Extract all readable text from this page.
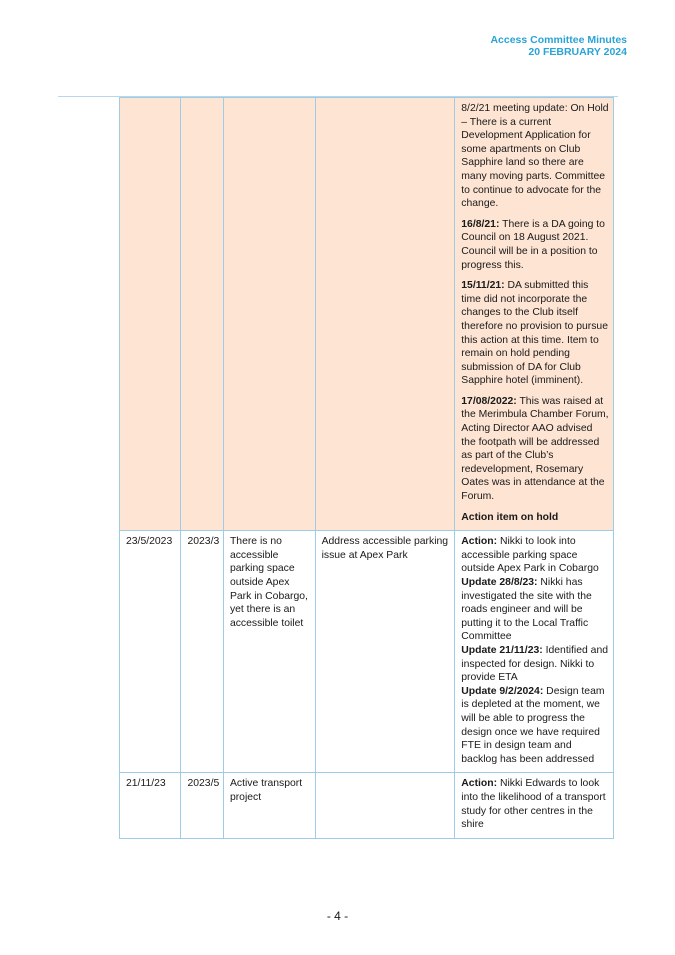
Access Committee Minutes
20 FEBRUARY 2024

				8/2/21 meeting update: On Hold – There is a current Development Application for some apartments on Club Sapphire land so there are many moving parts. Committee to continue to advocate for the change.
16/8/21: There is a DA going to Council on 18 August 2021. Council will be in a position to progress this.
15/11/21: DA submitted this time did not incorporate the changes to the Club itself therefore no provision to pursue this action at this time. Item to remain on hold pending submission of DA for Club Sapphire hotel (imminent).
17/08/2022: This was raised at the Merimbula Chamber Forum, Acting Director AAO advised the footpath will be addressed as part of the Club’s redevelopment, Rosemary Oates was in attendance at the Forum.
Action item on hold

23/5/2023	2023/3	There is no accessible parking space outside Apex Park in Cobargo, yet there is an accessible toilet	Address accessible parking issue at Apex Park	Action: Nikki to look into accessible parking space outside Apex Park in Cobargo
Update 28/8/23: Nikki has investigated the site with the roads engineer and will be putting it to the Local Traffic Committee
Update 21/11/23: Identified and inspected for design. Nikki to provide ETA
Update 9/2/2024: Design team is depleted at the moment, we will be able to progress the design once we have required FTE in design team and backlog has been addressed

21/11/23	2023/5	Active transport project		Action: Nikki Edwards to look into the likelihood of a transport study for other centres in the shire
- 4 -
